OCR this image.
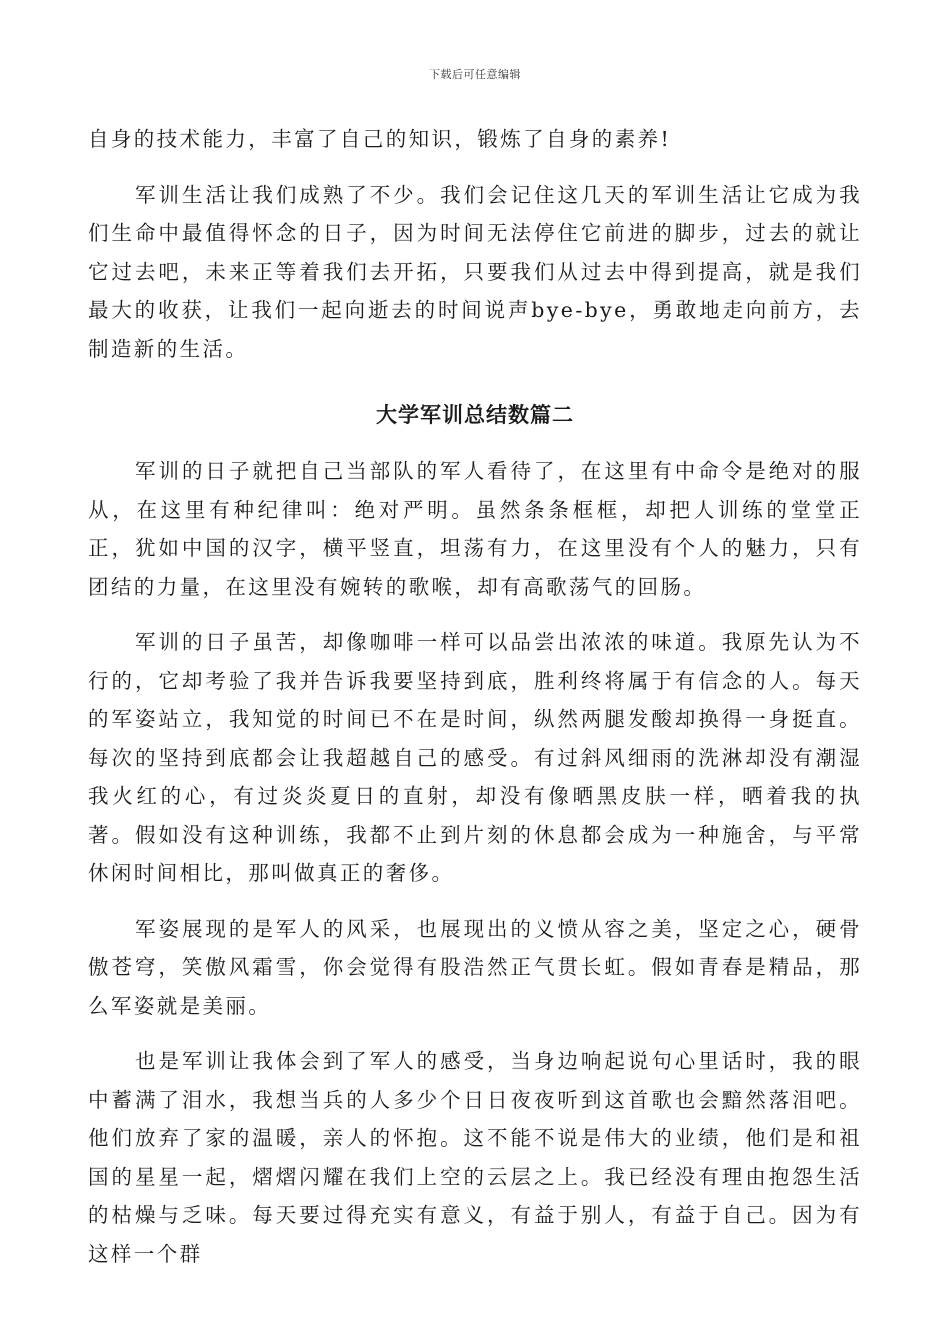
下载后可任意编辑

自身的技术能力，丰富了自己的知识，锻炼了自身的素养!

军训生活让我们成熟了不少。我们会记住这几天的军训生活让它成为我们生命中最值得怀念的日子，因为时间无法停住它前进的脚步，过去的就让它过去吧，未来正等着我们去开拓，只要我们从过去中得到提高，就是我们最大的收获，让我们一起向逝去的时间说声bye-bye，勇敢地走向前方，去制造新的生活。

大学军训总结数篇二

军训的日子就把自己当部队的军人看待了，在这里有中命令是绝对的服从，在这里有种纪律叫：绝对严明。虽然条条框框，却把人训练的堂堂正正，犹如中国的汉字，横平竖直，坦荡有力，在这里没有个人的魅力，只有团结的力量，在这里没有婉转的歌喉，却有高歌荡气的回肠。

军训的日子虽苦，却像咖啡一样可以品尝出浓浓的味道。我原先认为不行的，它却考验了我并告诉我要坚持到底，胜利终将属于有信念的人。每天的军姿站立，我知觉的时间已不在是时间，纵然两腿发酸却换得一身挺直。每次的坚持到底都会让我超越自己的感受。有过斜风细雨的洗淋却没有潮湿我火红的心，有过炎炎夏日的直射，却没有像晒黑皮肤一样，晒着我的执著。假如没有这种训练，我都不止到片刻的休息都会成为一种施舍，与平常休闲时间相比，那叫做真正的奢侈。

军姿展现的是军人的风采，也展现出的义愤从容之美，坚定之心，硬骨傲苍穹，笑傲风霜雪，你会觉得有股浩然正气贯长虹。假如青春是精品，那么军姿就是美丽。

也是军训让我体会到了军人的感受，当身边响起说句心里话时，我的眼中蓄满了泪水，我想当兵的人多少个日日夜夜听到这首歌也会黯然落泪吧。他们放弃了家的温暖，亲人的怀抱。这不能不说是伟大的业绩，他们是和祖国的星星一起，熠熠闪耀在我们上空的云层之上。我已经没有理由抱怨生活的枯燥与乏味。每天要过得充实有意义，有益于别人，有益于自己。因为有这样一个群
